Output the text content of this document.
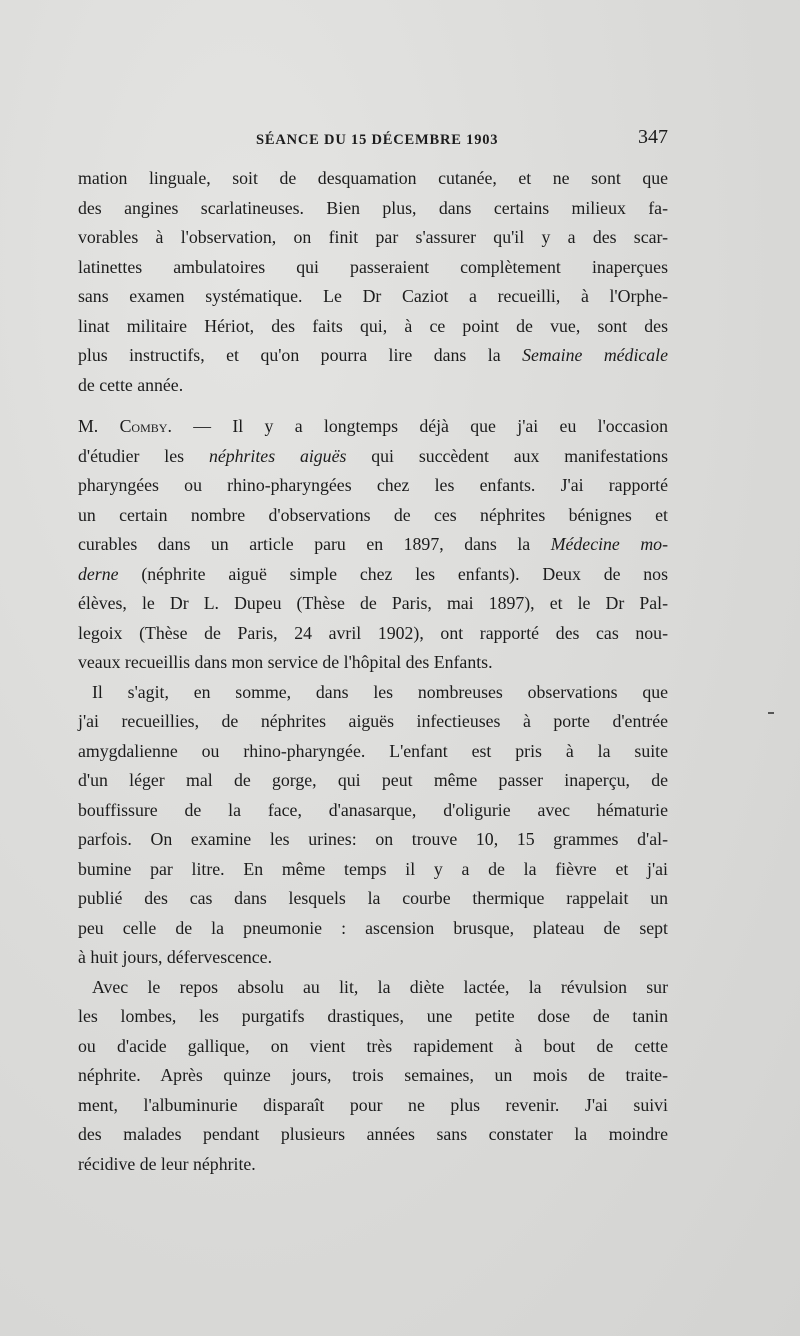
SÉANCE DU 15 DÉCEMBRE 1903	347

mation linguale, soit de desquamation cutanée, et ne sont que
des angines scarlatineuses. Bien plus, dans certains milieux fa-
vorables à l'observation, on finit par s'assurer qu'il y a des scar-
latinettes ambulatoires qui passeraient complètement inaperçues
sans examen systématique. Le Dr Caziot a recueilli, à l'Orphe-
linat militaire Hériot, des faits qui, à ce point de vue, sont des
plus instructifs, et qu'on pourra lire dans la Semaine médicale
de cette année.

M. Comby. — Il y a longtemps déjà que j'ai eu l'occasion
d'étudier les néphrites aiguës qui succèdent aux manifestations
pharyngées ou rhino-pharyngées chez les enfants. J'ai rapporté
un certain nombre d'observations de ces néphrites bénignes et
curables dans un article paru en 1897, dans la Médecine mo-
derne (néphrite aiguë simple chez les enfants). Deux de nos
élèves, le Dr L. Dupeu (Thèse de Paris, mai 1897), et le Dr Pal-
legoix (Thèse de Paris, 24 avril 1902), ont rapporté des cas nou-
veaux recueillis dans mon service de l'hôpital des Enfants.

Il s'agit, en somme, dans les nombreuses observations que

j'ai recueillies, de néphrites aiguës infectieuses à porte d'entrée
amygdalienne ou rhino-pharyngée. L'enfant est pris à la suite
d'un léger mal de gorge, qui peut même passer inaperçu, de
bouffissure de la face, d'anasarque, d'oligurie avec hématurie
parfois. On examine les urines: on trouve 10, 15 grammes d'al-
bumine par litre. En même temps il y a de la fièvre et j'ai
publié des cas dans lesquels la courbe thermique rappelait un
peu celle de la pneumonie : ascension brusque, plateau de sept
à huit jours, défervescence.

Avec le repos absolu au lit, la diète lactée, la révulsion sur

les lombes, les purgatifs drastiques, une petite dose de tanin
ou d'acide gallique, on vient très rapidement à bout de cette
néphrite. Après quinze jours, trois semaines, un mois de traite-
ment, l'albuminurie disparaît pour ne plus revenir. J'ai suivi
des malades pendant plusieurs années sans constater la moindre
récidive de leur néphrite.
